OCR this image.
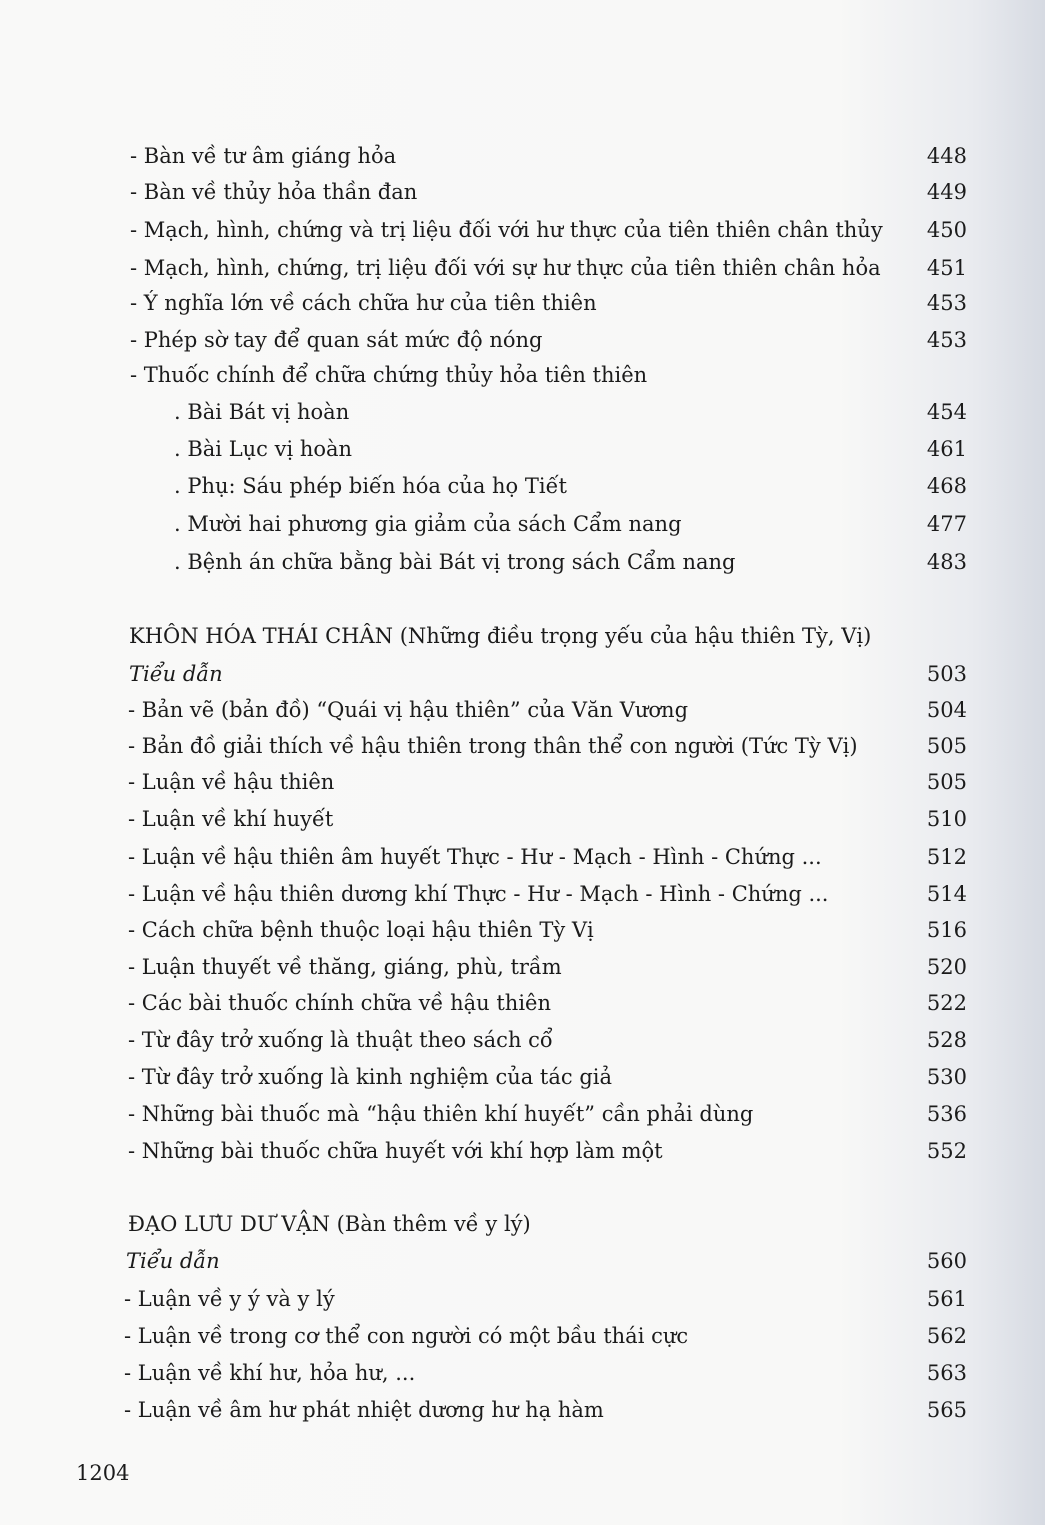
- Bàn về tư âm giáng hỏa	448
- Bàn về thủy hỏa thần đan	449
- Mạch, hình, chứng và trị liệu đối với hư thực của tiên thiên chân thủy 450
- Mạch, hình, chứng, trị liệu đối với sự hư thực của tiên thiên chân hỏa 451
- Ý nghĩa lớn về cách chữa hư của tiên thiên	453
- Phép sờ tay để quan sát mức độ nóng	453
- Thuốc chính để chữa chứng thủy hỏa tiên thiên
. Bài Bát vị hoàn	454
. Bài Lục vị hoàn	461
. Phụ: Sáu phép biến hóa của họ Tiết	468
. Mười hai phương gia giảm của sách Cẩm nang	477
. Bệnh án chữa bằng bài Bát vị trong sách Cẩm nang	483
KHÔN HÓA THÁI CHÂN (Những điều trọng yếu của hậu thiên Tỳ, Vị)
Tiểu dẫn	503
- Bản vẽ (bản đồ) “Quái vị hậu thiên” của Văn Vương	504
- Bản đồ giải thích về hậu thiên trong thân thể con người (Tức Tỳ Vị)	505
- Luận về hậu thiên	505
- Luận về khí huyết	510
- Luận về hậu thiên âm huyết Thực - Hư - Mạch - Hình - Chứng ...	512
- Luận về hậu thiên dương khí Thực - Hư - Mạch - Hình - Chứng ...	514
- Cách chữa bệnh thuộc loại hậu thiên Tỳ Vị	516
- Luận thuyết về thăng, giáng, phù, trầm	520
- Các bài thuốc chính chữa về hậu thiên	522
- Từ đây trở xuống là thuật theo sách cổ	528
- Từ đây trở xuống là kinh nghiệm của tác giả	530
- Những bài thuốc mà “hậu thiên khí huyết” cần phải dùng	536
- Những bài thuốc chữa huyết với khí hợp làm một	552
ĐẠO LƯU DƯ VẬN (Bàn thêm về y lý)
Tiểu dẫn	560
- Luận về y ý và y lý	561
- Luận về trong cơ thể con người có một bầu thái cực	562
- Luận về khí hư, hỏa hư, ...	563
- Luận về âm hư phát nhiệt dương hư hạ hàm	565
1204
